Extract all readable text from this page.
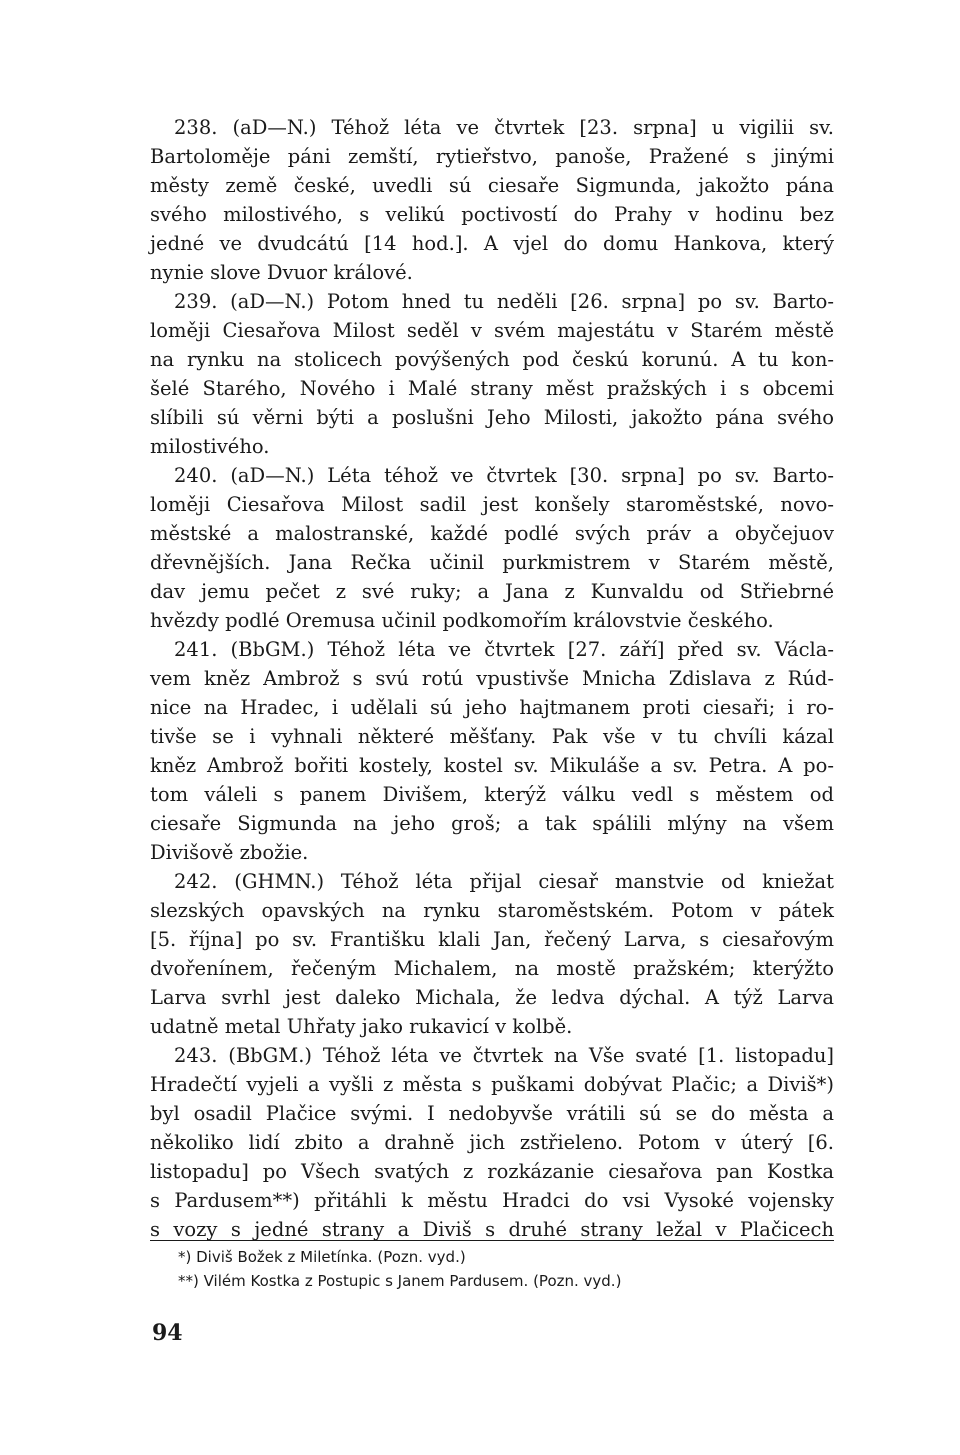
238. (aD—N.) Téhož léta ve čtvrtek [23. srpna] u vigilii sv.
Bartoloměje páni zemští, rytieřstvo, panoše, Pražené s jinými
městy země české, uvedli sú ciesaře Sigmunda, jakožto pána
svého milostivého, s velikú poctivostí do Prahy v hodinu bez
jedné ve dvudcátú [14 hod.]. A vjel do domu Hankova, který
nynie slove Dvuor králové.
239. (aD—N.) Potom hned tu neděli [26. srpna] po sv. Barto-
loměji Ciesařova Milost seděl v svém majestátu v Starém městě
na rynku na stolicech povýšených pod českú korunú. A tu kon-
šelé Starého, Nového i Malé strany měst pražských i s obcemi
slíbili sú věrni býti a poslušni Jeho Milosti, jakožto pána svého
milostivého.
240. (aD—N.) Léta téhož ve čtvrtek [30. srpna] po sv. Barto-
loměji Ciesařova Milost sadil jest konšely staroměstské, novo-
městské a malostranské, každé podlé svých práv a obyčejuov
dřevnějších. Jana Rečka učinil purkmistrem v Starém městě,
dav jemu pečet z své ruky; a Jana z Kunvaldu od Střiebrné
hvězdy podlé Oremusa učinil podkomořím královstvie českého.
241. (BbGM.) Téhož léta ve čtvrtek [27. září] před sv. Václa-
vem kněz Ambrož s svú rotú vpustivše Mnicha Zdislava z Rúd-
nice na Hradec, i udělali sú jeho hajtmanem proti ciesaři; i ro-
tivše se i vyhnali některé měšťany. Pak vše v tu chvíli kázal
kněz Ambrož bořiti kostely, kostel sv. Mikuláše a sv. Petra. A po-
tom váleli s panem Divišem, kterýž válku vedl s městem od
ciesaře Sigmunda na jeho groš; a tak spálili mlýny na všem
Divišově zbožie.
242. (GHMN.) Téhož léta přijal ciesař manstvie od kniežat
slezských opavských na rynku staroměstském. Potom v pátek
[5. října] po sv. Františku klali Jan, řečený Larva, s ciesařovým
dvořenínem, řečeným Michalem, na mostě pražském; kterýžto
Larva svrhl jest daleko Michala, že ledva dýchal. A týž Larva
udatně metal Uhřaty jako rukavicí v kolbě.
243. (BbGM.) Téhož léta ve čtvrtek na Vše svaté [1. listopadu]
Hradečtí vyjeli a vyšli z města s puškami dobývat Plačic; a Diviš*)
byl osadil Plačice svými. I nedobyvše vrátili sú se do města a
několiko lidí zbito a drahně jich zstřieleno. Potom v úterý [6.
listopadu] po Všech svatých z rozkázanie ciesařova pan Kostka
s Pardusem**) přitáhli k městu Hradci do vsi Vysoké vojensky
s vozy s jedné strany a Diviš s druhé strany ležal v Plačicech
*) Diviš Božek z Miletínka. (Pozn. vyd.)
**) Vilém Kostka z Postupic s Janem Pardusem. (Pozn. vyd.)
94
